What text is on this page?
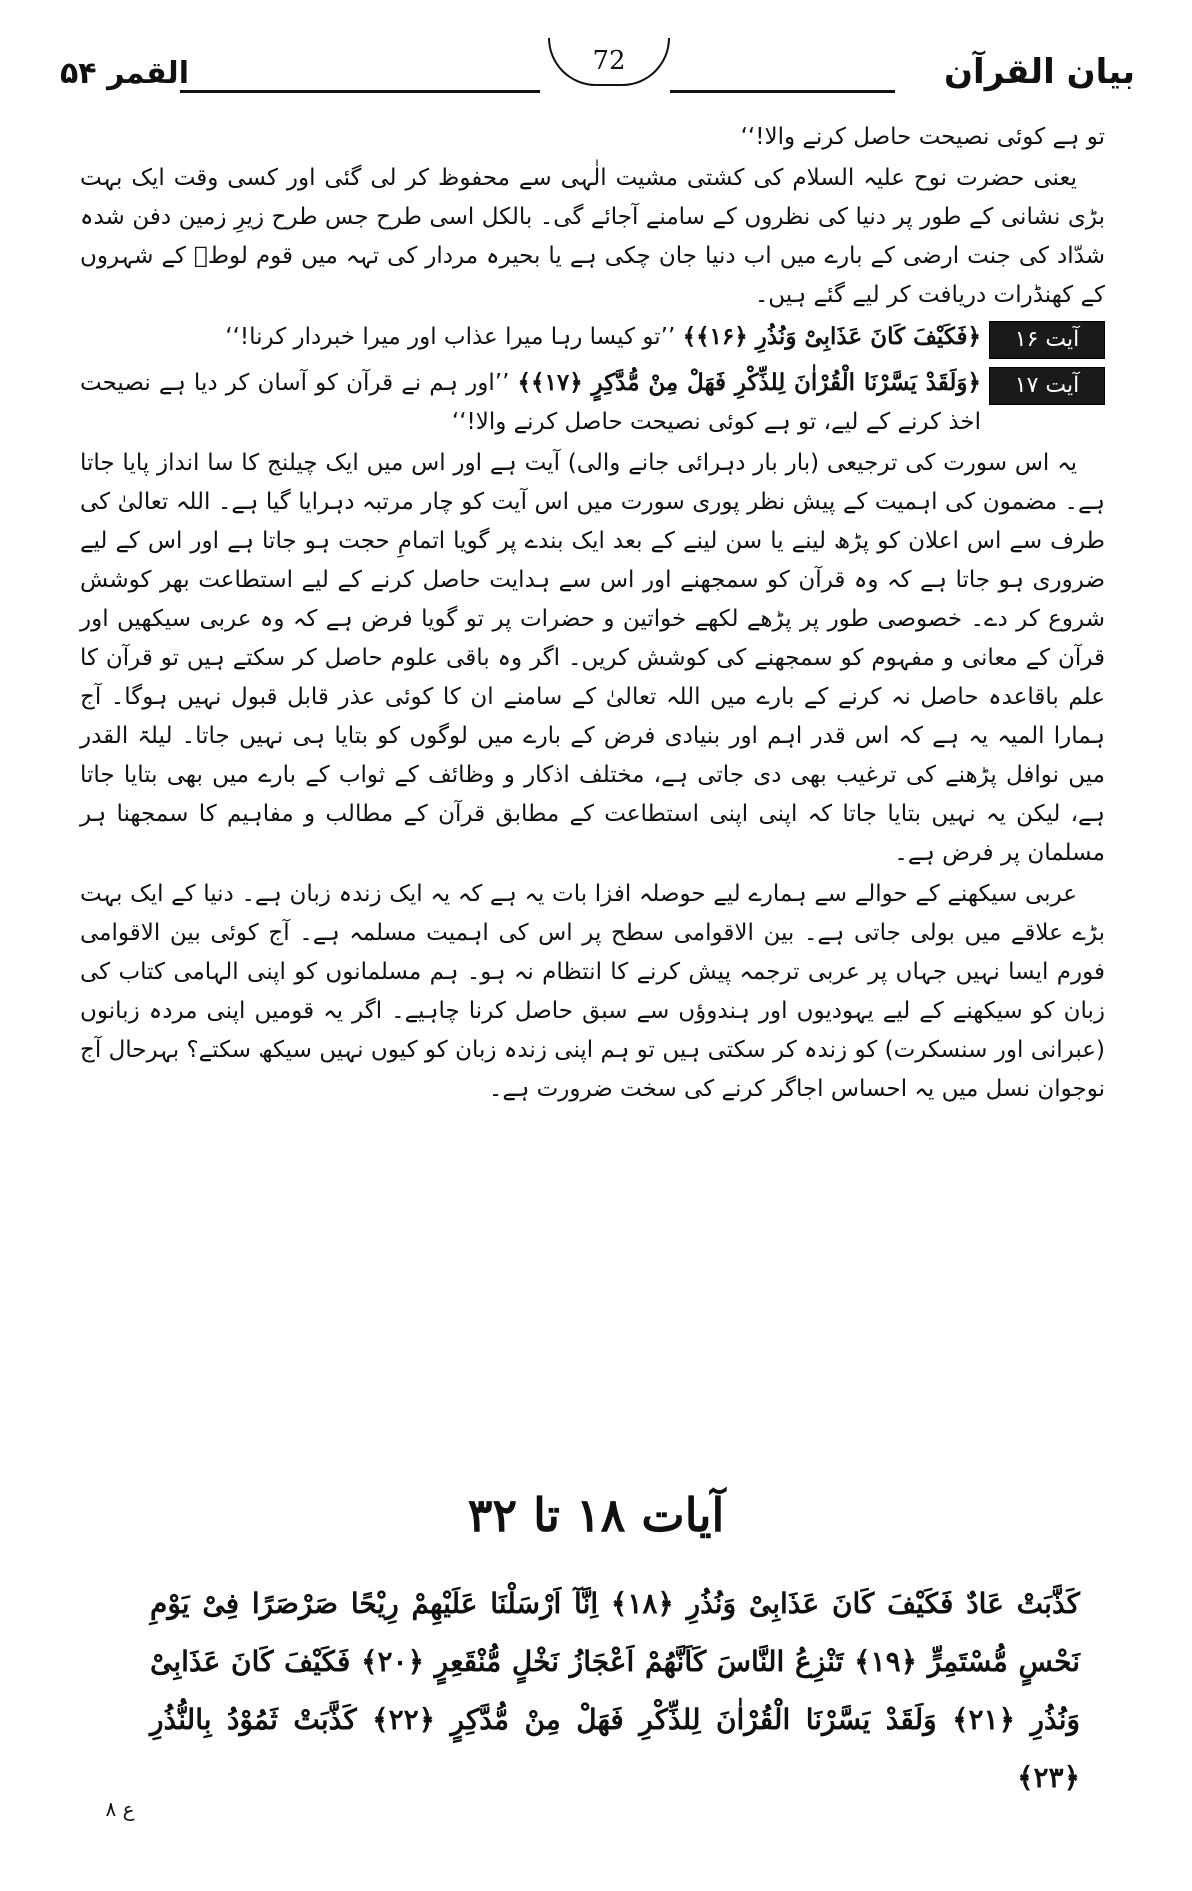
بیان القرآن
72
القمر ۵۴

تو ہے کوئی نصیحت حاصل کرنے والا!‘‘

یعنی حضرت نوح علیہ السلام کی کشتی مشیت الٰہی سے محفوظ کر لی گئی اور کسی وقت ایک بہت بڑی نشانی کے طور پر دنیا کی نظروں کے سامنے آجائے گی۔ بالکل اسی طرح جس طرح زیرِ زمین دفن شدہ شدّاد کی جنت ارضی کے بارے میں اب دنیا جان چکی ہے یا بحیرہ مردار کی تہہ میں قوم لوطؑ کے شہروں کے کھنڈرات دریافت کر لیے گئے ہیں۔

آیت ۱۶
﴿فَكَيْفَ كَانَ عَذَابِىْ وَنُذُرِ ﴿۱۶﴾﴾ ’’تو کیسا رہا میرا عذاب اور میرا خبردار کرنا!‘‘
آیت ۱۷
﴿وَلَقَدْ يَسَّرْنَا الْقُرْاٰنَ لِلذِّكْرِ فَهَلْ مِنْ مُّدَّكِرٍ ﴿۱۷﴾﴾ ’’اور ہم نے قرآن کو آسان کر دیا ہے نصیحت اخذ کرنے کے لیے، تو ہے کوئی نصیحت حاصل کرنے والا!‘‘

یہ اس سورت کی ترجیعی (بار بار دہرائی جانے والی) آیت ہے اور اس میں ایک چیلنج کا سا انداز پایا جاتا ہے۔ مضمون کی اہمیت کے پیش نظر پوری سورت میں اس آیت کو چار مرتبہ دہرایا گیا ہے۔ اللہ تعالیٰ کی طرف سے اس اعلان کو پڑھ لینے یا سن لینے کے بعد ایک بندے پر گویا اتمامِ حجت ہو جاتا ہے اور اس کے لیے ضروری ہو جاتا ہے کہ وہ قرآن کو سمجھنے اور اس سے ہدایت حاصل کرنے کے لیے استطاعت بھر کوشش شروع کر دے۔ خصوصی طور پر پڑھے لکھے خواتین و حضرات پر تو گویا فرض ہے کہ وہ عربی سیکھیں اور قرآن کے معانی و مفہوم کو سمجھنے کی کوشش کریں۔ اگر وہ باقی علوم حاصل کر سکتے ہیں تو قرآن کا علم باقاعدہ حاصل نہ کرنے کے بارے میں اللہ تعالیٰ کے سامنے ان کا کوئی عذر قابل قبول نہیں ہوگا۔ آج ہمارا المیہ یہ ہے کہ اس قدر اہم اور بنیادی فرض کے بارے میں لوگوں کو بتایا ہی نہیں جاتا۔ لیلۃ القدر میں نوافل پڑھنے کی ترغیب بھی دی جاتی ہے، مختلف اذکار و وظائف کے ثواب کے بارے میں بھی بتایا جاتا ہے، لیکن یہ نہیں بتایا جاتا کہ اپنی اپنی استطاعت کے مطابق قرآن کے مطالب و مفاہیم کا سمجھنا ہر مسلمان پر فرض ہے۔

عربی سیکھنے کے حوالے سے ہمارے لیے حوصلہ افزا بات یہ ہے کہ یہ ایک زندہ زبان ہے۔ دنیا کے ایک بہت بڑے علاقے میں بولی جاتی ہے۔ بین الاقوامی سطح پر اس کی اہمیت مسلمہ ہے۔ آج کوئی بین الاقوامی فورم ایسا نہیں جہاں پر عربی ترجمہ پیش کرنے کا انتظام نہ ہو۔ ہم مسلمانوں کو اپنی الہامی کتاب کی زبان کو سیکھنے کے لیے یہودیوں اور ہندوؤں سے سبق حاصل کرنا چاہیے۔ اگر یہ قومیں اپنی مردہ زبانوں (عبرانی اور سنسکرت) کو زندہ کر سکتی ہیں تو ہم اپنی زندہ زبان کو کیوں نہیں سیکھ سکتے؟ بہرحال آج نوجوان نسل میں یہ احساس اجاگر کرنے کی سخت ضرورت ہے۔

آیات ۱۸ تا ۳۲
كَذَّبَتْ عَادٌ فَكَيْفَ كَانَ عَذَابِىْ وَنُذُرِ ﴿۱۸﴾ اِنَّآ اَرْسَلْنَا عَلَيْهِمْ رِيْحًا صَرْصَرًا فِىْ يَوْمِ نَحْسٍ مُّسْتَمِرٍّ ﴿۱۹﴾ تَنْزِعُ النَّاسَ كَاَنَّهُمْ اَعْجَازُ نَخْلٍ مُّنْقَعِرٍ ﴿۲۰﴾ فَكَيْفَ كَانَ عَذَابِىْ وَنُذُرِ ﴿۲۱﴾ وَلَقَدْ يَسَّرْنَا الْقُرْاٰنَ لِلذِّكْرِ فَهَلْ مِنْ مُّدَّكِرٍ ﴿۲۲﴾ كَذَّبَتْ ثَمُوْدُ بِالنُّذُرِ ﴿۲۳﴾
ع ۸
